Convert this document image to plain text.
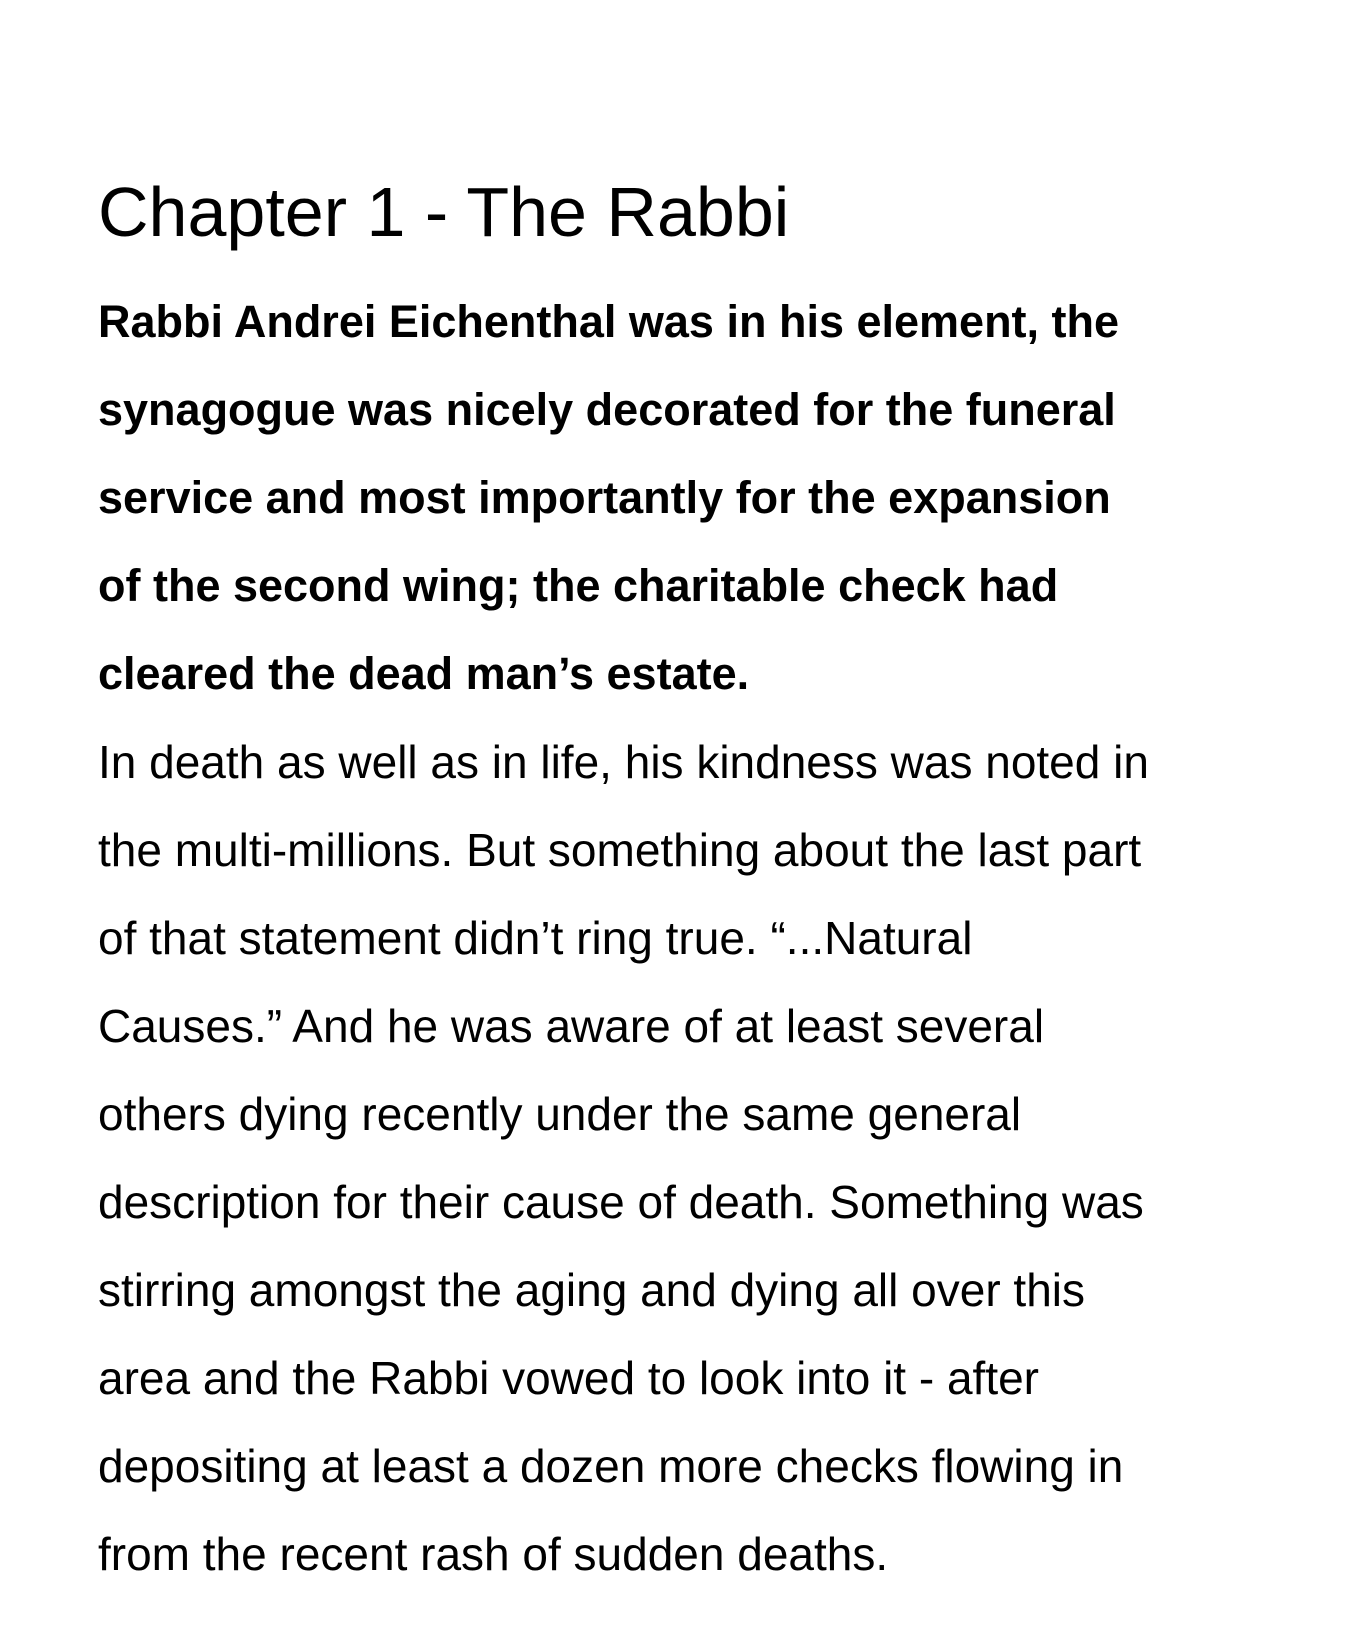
Chapter 1 - The Rabbi

Rabbi Andrei Eichenthal was in his element, the
synagogue was nicely decorated for the funeral
service and most importantly for the expansion
of the second wing; the charitable check had
cleared the dead man’s estate.

In death as well as in life, his kindness was noted in
the multi-millions. But something about the last part
of that statement didn’t ring true. “...Natural
Causes.” And he was aware of at least several
others dying recently under the same general
description for their cause of death. Something was
stirring amongst the aging and dying all over this
area and the Rabbi vowed to look into it - after
depositing at least a dozen more checks flowing in
from the recent rash of sudden deaths.
